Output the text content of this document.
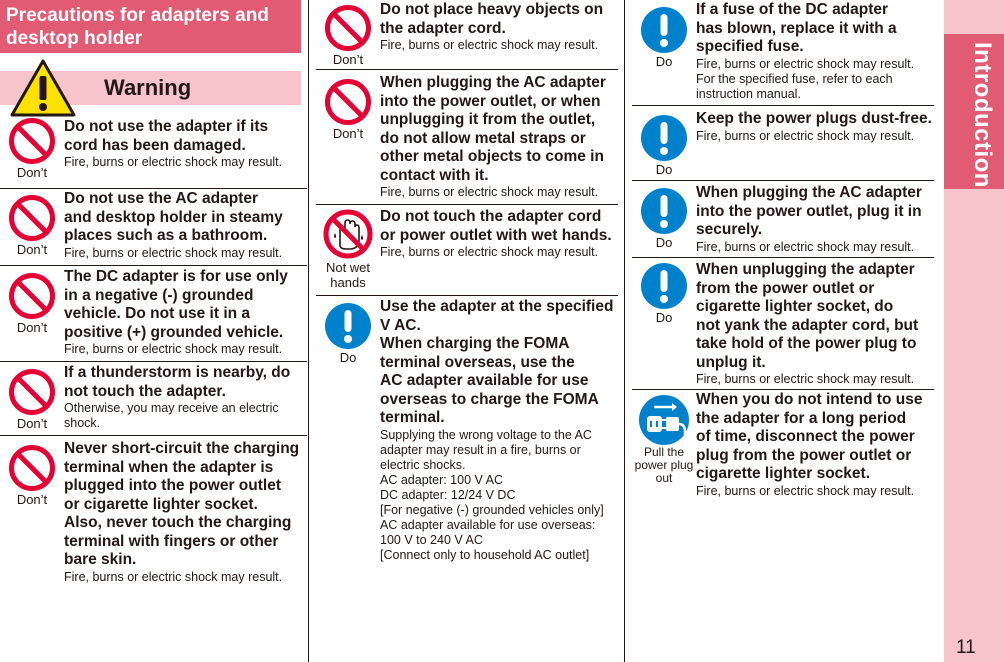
Precautions for adapters and
desktop holder
Warning
Don’t
Do not use the adapter if its
cord has been damaged.
Fire, burns or electric shock may result.
Don’t
Do not use the AC adapter
and desktop holder in steamy
places such as a bathroom.
Fire, burns or electric shock may result.
Don’t
The DC adapter is for use only
in a negative (-) grounded
vehicle. Do not use it in a
positive (+) grounded vehicle.
Fire, burns or electric shock may result.
Don’t
If a thunderstorm is nearby, do
not touch the adapter.
Otherwise, you may receive an electric
shock.
Don’t
Never short-circuit the charging
terminal when the adapter is
plugged into the power outlet
or cigarette lighter socket.
Also, never touch the charging
terminal with fingers or other
bare skin.
Fire, burns or electric shock may result.
Don’t
Do not place heavy objects on
the adapter cord.
Fire, burns or electric shock may result.
Don’t
When plugging the AC adapter
into the power outlet, or when
unplugging it from the outlet,
do not allow metal straps or
other metal objects to come in
contact with it.
Fire, burns or electric shock may result.
Not wet
hands
Do not touch the adapter cord
or power outlet with wet hands.
Fire, burns or electric shock may result.
Do
Use the adapter at the specified
V AC.
When charging the FOMA
terminal overseas, use the
AC adapter available for use
overseas to charge the FOMA
terminal.
Supplying the wrong voltage to the AC
adapter may result in a fire, burns or
electric shocks.
AC adapter: 100 V AC
DC adapter: 12/24 V DC
[For negative (-) grounded vehicles only]
AC adapter available for use overseas:
100 V to 240 V AC
[Connect only to household AC outlet]
Do
If a fuse of the DC adapter
has blown, replace it with a
specified fuse.
Fire, burns or electric shock may result.
For the specified fuse, refer to each
instruction manual.
Do
Keep the power plugs dust-free.
Fire, burns or electric shock may result.
Do
When plugging the AC adapter
into the power outlet, plug it in
securely.
Fire, burns or electric shock may result.
Do
When unplugging the adapter
from the power outlet or
cigarette lighter socket, do
not yank the adapter cord, but
take hold of the power plug to
unplug it.
Fire, burns or electric shock may result.
Pull the
power plug
out
When you do not intend to use
the adapter for a long period
of time, disconnect the power
plug from the power outlet or
cigarette lighter socket.
Fire, burns or electric shock may result.
Introduction
11
